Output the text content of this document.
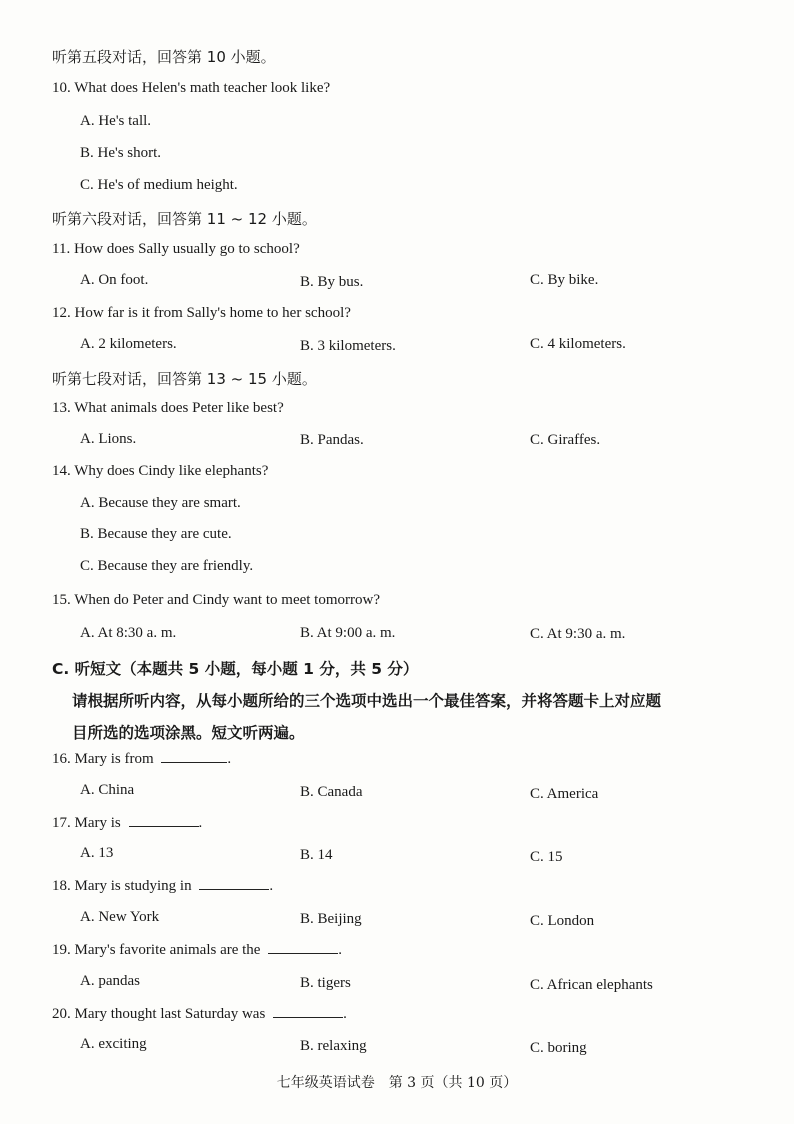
听第五段对话，回答第 10 小题。
10. What does Helen's math teacher look like?
A. He's tall.
B. He's short.
C. He's of medium height.
听第六段对话，回答第 11 ~ 12 小题。
11. How does Sally usually go to school?
A. On foot.	B. By bus.	C. By bike.
12. How far is it from Sally's home to her school?
A. 2 kilometers.	B. 3 kilometers.	C. 4 kilometers.
听第七段对话，回答第 13 ~ 15 小题。
13. What animals does Peter like best?
A. Lions.	B. Pandas.	C. Giraffes.
14. Why does Cindy like elephants?
A. Because they are smart.
B. Because they are cute.
C. Because they are friendly.
15. When do Peter and Cindy want to meet tomorrow?
A. At 8:30 a. m.	B. At 9:00 a. m.	C. At 9:30 a. m.
C. 听短文（本题共 5 小题，每小题 1 分，共 5 分）
请根据所听内容，从每小题所给的三个选项中选出一个最佳答案，并将答题卡上对应题
目所选的选项涂黑。短文听两遍。
16. Mary is from	.
A. China	B. Canada	C. America
17. Mary is	.
A. 13	B. 14	C. 15
18. Mary is studying in	.
A. New York	B. Beijing	C. London
19. Mary's favorite animals are the	.
A. pandas	B. tigers	C. African elephants
20. Mary thought last Saturday was	.
A. exciting	B. relaxing	C. boring
七年级英语试卷　第 3 页（共 10 页）
